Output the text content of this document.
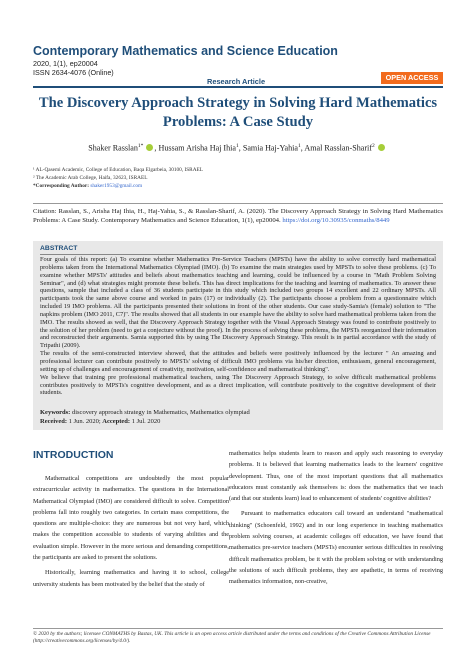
Contemporary Mathematics and Science Education
2020, 1(1), ep20004
ISSN 2634-4076 (Online)
Research Article	OPEN ACCESS
The Discovery Approach Strategy in Solving Hard Mathematics
Problems: A Case Study
Shaker Rasslan$^{1*}$ , Hussam Arisha Haj Ihia$^1$, Samia Haj-Yahia$^1$, Amal Rasslan-Sharif$^2$
¹ AL-Qasemi Academic, College of Education, Baqa Elgarbeia, 30100, ISRAEL
² The Academic Arab College, Haifa, 32623, ISRAEL
*Corresponding Author: shaker1953@gmail.com
Citation: Rasslan, S., Arisha Haj Ihia, H., Haj-Yahia, S., & Rasslan-Sharif, A. (2020). The Discovery Approach Strategy in Solving Hard Mathematics Problems: A Case Study. Contemporary Mathematics and Science Education, 1(1), ep20004. https://doi.org/10.30935/conmaths/8449
ABSTRACT

Four goals of this report: (a) To examine whether Mathematics Pre-Service Teachers (MPSTs) have the ability to solve correctly hard mathematical problems taken from the International Mathematics Olympiad (IMO). (b) To examine the main strategies used by MPSTs to solve these problems. (c) To examine whether MPSTs' attitudes and beliefs about mathematics teaching and learning, could be influenced by a course in "Math Problem Solving Seminar", and (d) what strategies might promote these beliefs. This has direct implications for the teaching and learning of mathematics. To answer these questions, sample that included a class of 36 students participate in this study which included two groups 14 excellent and 22 ordinary MPSTs. All participants took the same above course and worked in pairs (17) or individually (2). The participants choose a problem from a questionnaire which included 19 IMO problems. All the participants presented their solutions in front of the other students. Our case study-Samia's (female) solution to "The napkins problem (IMO 2011, C7)". The results showed that all students in our example have the ability to solve hard mathematical problems taken from the IMO. The results showed as well, that the Discovery Approach Strategy together with the Visual Approach Strategy was found to contribute positively to the solution of her problem (need to get a conjecture without the proof). In the process of solving these problems, the MPSTs reorganized their information and reconstructed their arguments. Samia supported this by using The Discovery Approach Strategy. This result is in partial accordance with the study of Tripathi (2009).

The results of the semi-constructed interview showed, that the attitudes and beliefs were positively influenced by the lecturer " An amazing and professional lecturer can contribute positively to MPSTs' solving of difficult IMO problems via his/her direction, enthusiasm, general encouragement, setting up of challenges and encouragement of creativity, motivation, self-confidence and mathematical thinking".

We believe that training pre professional mathematical teachers, using The Discovery Approach Strategy, to solve difficult mathematical problems contributes positively to MPSTs's cognitive development, and as a direct implication, will contribute positively to the cognitive development of their students.

Keywords: discovery approach strategy in Mathematics, Mathematics olympiad
Received: 1 Jun. 2020; Accepted: 1 Jul. 2020
INTRODUCTION

Mathematical competitions are undoubtedly the most popular extracurricular activity in mathematics. The questions in the International Mathematical Olympiad (IMO) are considered difficult to solve. Competition problems fall into roughly two categories. In certain mass competitions, the questions are multiple-choice: they are numerous but not very hard, which makes the competition accessible to students of varying abilities and the evaluation simple. However in the more serious and demanding competitions, the participants are asked to present the solutions.

Historically, learning mathematics and having it to school, college university students has been motivated by the belief that the study of

mathematics helps students learn to reason and apply such reasoning to everyday problems. It is believed that learning mathematics leads to the learners' cognitive development. Thus, one of the most important questions that all mathematics educators must constantly ask themselves is: does the mathematics that we teach (and that our students learn) lead to enhancement of students' cognitive abilities?

Pursuant to mathematics educators call toward an understand "mathematical thinking" (Schoenfeld, 1992) and in our long experience in teaching mathematics problem solving courses, at academic colleges off education, we have found that mathematics pre-service teachers (MPSTs) encounter serious difficulties in resolving difficult mathematics problem, be it with the problem solving or with understanding the solutions of such difficult problems, they are apathetic, in terms of receiving mathematics information, non-creative,

© 2020 by the authors; licensee CONMATHS by Bastas, UK. This article is an open access article distributed under the terms and conditions of the Creative Commons Attribution License (http://creativecommons.org/licenses/by/4.0/).
